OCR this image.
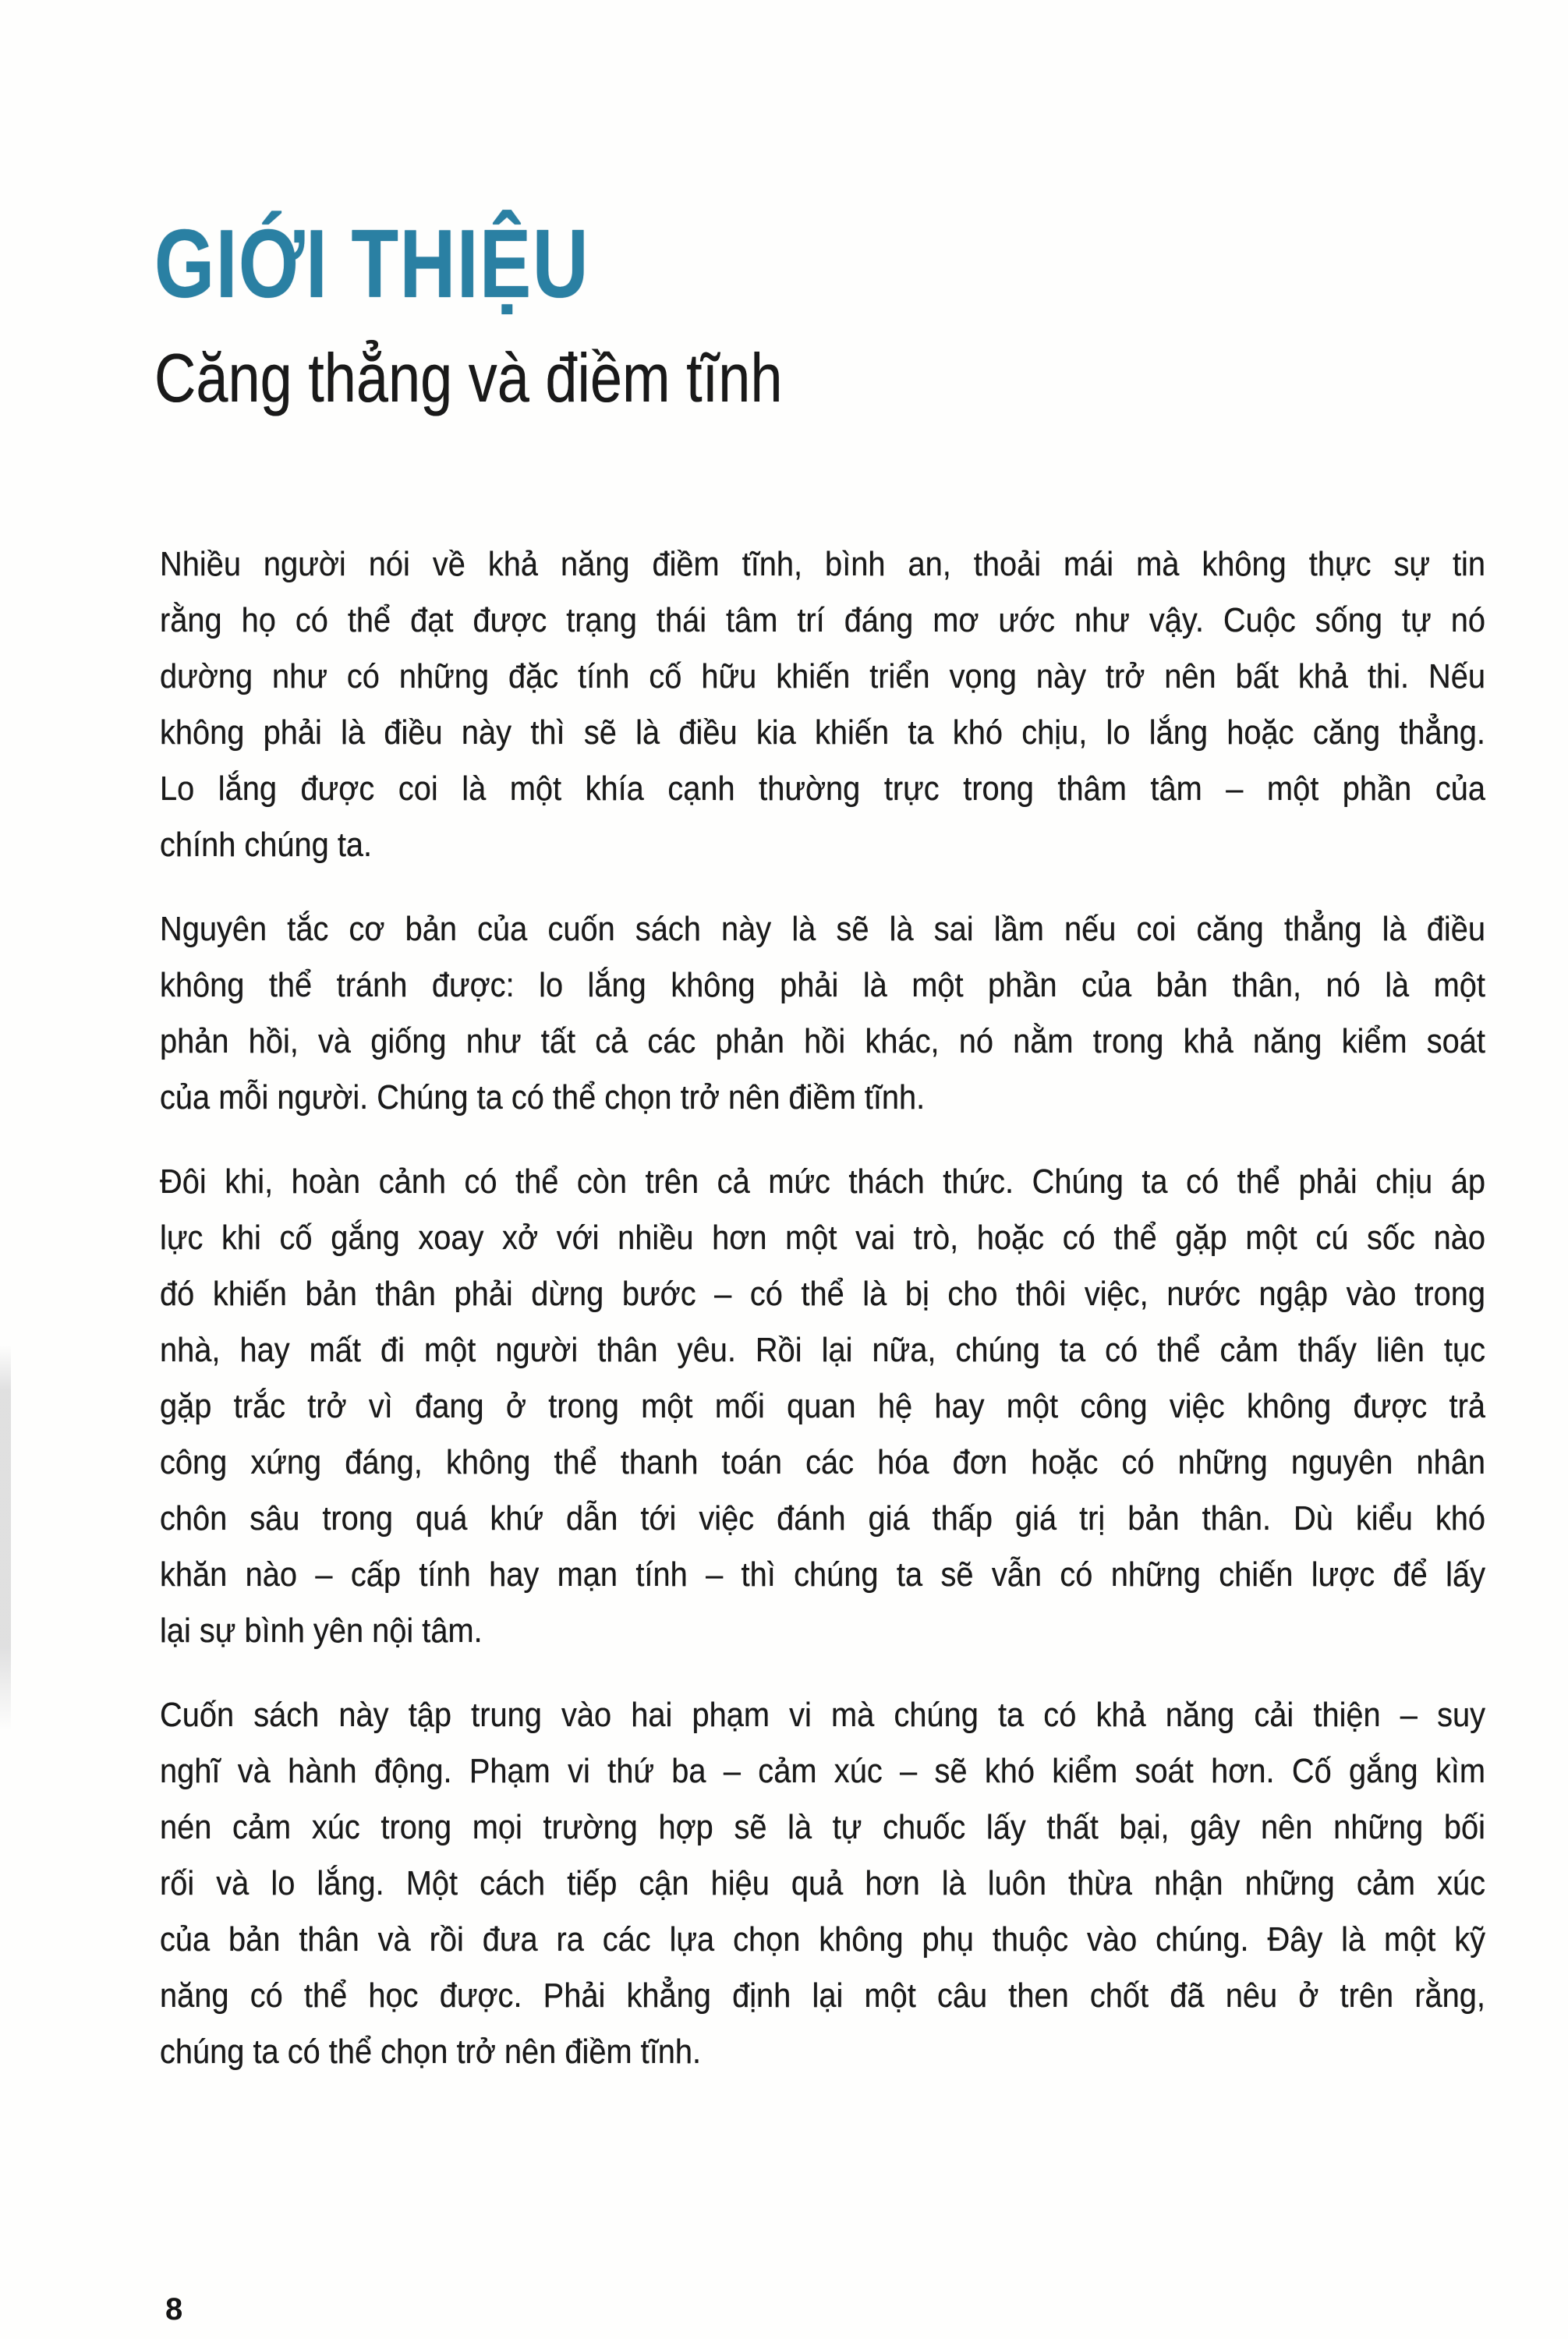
GIỚI THIỆU
Căng thẳng và điềm tĩnh
Nhiều người nói về khả năng điềm tĩnh, bình an, thoải mái mà không thực sự tin
rằng họ có thể đạt được trạng thái tâm trí đáng mơ ước như vậy. Cuộc sống tự nó
dường như có những đặc tính cố hữu khiến triển vọng này trở nên bất khả thi. Nếu
không phải là điều này thì sẽ là điều kia khiến ta khó chịu, lo lắng hoặc căng thẳng.
Lo lắng được coi là một khía cạnh thường trực trong thâm tâm – một phần của
chính chúng ta.
Nguyên tắc cơ bản của cuốn sách này là sẽ là sai lầm nếu coi căng thẳng là điều
không thể tránh được: lo lắng không phải là một phần của bản thân, nó là một
phản hồi, và giống như tất cả các phản hồi khác, nó nằm trong khả năng kiểm soát
của mỗi người. Chúng ta có thể chọn trở nên điềm tĩnh.
Đôi khi, hoàn cảnh có thể còn trên cả mức thách thức. Chúng ta có thể phải chịu áp
lực khi cố gắng xoay xở với nhiều hơn một vai trò, hoặc có thể gặp một cú sốc nào
đó khiến bản thân phải dừng bước – có thể là bị cho thôi việc, nước ngập vào trong
nhà, hay mất đi một người thân yêu. Rồi lại nữa, chúng ta có thể cảm thấy liên tục
gặp trắc trở vì đang ở trong một mối quan hệ hay một công việc không được trả
công xứng đáng, không thể thanh toán các hóa đơn hoặc có những nguyên nhân
chôn sâu trong quá khứ dẫn tới việc đánh giá thấp giá trị bản thân. Dù kiểu khó
khăn nào – cấp tính hay mạn tính – thì chúng ta sẽ vẫn có những chiến lược để lấy
lại sự bình yên nội tâm.
Cuốn sách này tập trung vào hai phạm vi mà chúng ta có khả năng cải thiện – suy
nghĩ và hành động. Phạm vi thứ ba – cảm xúc – sẽ khó kiểm soát hơn. Cố gắng kìm
nén cảm xúc trong mọi trường hợp sẽ là tự chuốc lấy thất bại, gây nên những bối
rối và lo lắng. Một cách tiếp cận hiệu quả hơn là luôn thừa nhận những cảm xúc
của bản thân và rồi đưa ra các lựa chọn không phụ thuộc vào chúng. Đây là một kỹ
năng có thể học được. Phải khẳng định lại một câu then chốt đã nêu ở trên rằng,
chúng ta có thể chọn trở nên điềm tĩnh.
8
